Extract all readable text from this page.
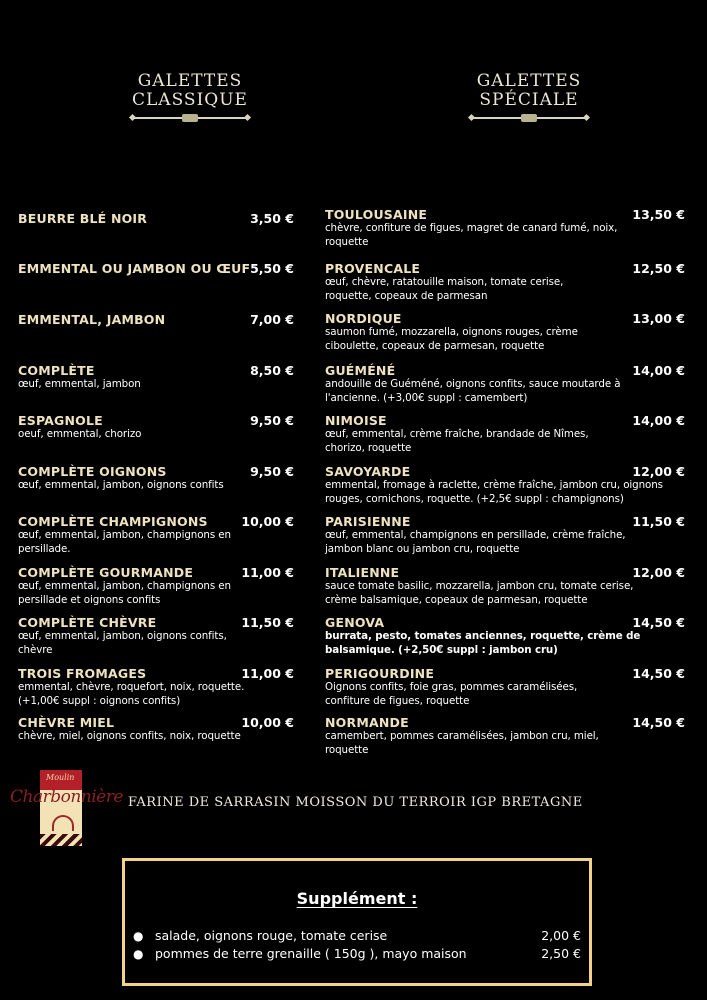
GALETTES
CLASSIQUE
GALETTES
SPÉCIALE
BEURRE BLÉ NOIR	3,50 €
EMMENTAL OU JAMBON OU ŒUF 5,50 €
EMMENTAL, JAMBON	7,00 €
COMPLÈTE	8,50 €
œuf, emmental, jambon
ESPAGNOLE	9,50 €
oeuf, emmental, chorizo
COMPLÈTE OIGNONS	9,50 €
œuf, emmental, jambon, oignons confits
COMPLÈTE CHAMPIGNONS	10,00 €
œuf, emmental, jambon, champignons en persillade.
COMPLÈTE GOURMANDE	11,00 €
œuf, emmental, jambon, champignons en persillade et oignons confits
COMPLÈTE CHÈVRE	11,50 €
œuf, emmental, jambon, oignons confits, chèvre
TROIS FROMAGES	11,00 €
emmental, chèvre, roquefort, noix, roquette. (+1,00€ suppl : oignons confits)
CHÈVRE MIEL	10,00 €
chèvre, miel, oignons confits, noix, roquette
TOULOUSAINE	13,50 €
chèvre, confiture de figues, magret de canard fumé, noix, roquette
PROVENCALE	12,50 €
œuf, chèvre, ratatouille maison, tomate cerise, roquette, copeaux de parmesan
NORDIQUE	13,00 €
saumon fumé, mozzarella, oignons rouges, crème ciboulette, copeaux de parmesan, roquette
GUÉMÉNÉ	14,00 €
andouille de Guéméné, oignons confits, sauce moutarde à l'ancienne. (+3,00€ suppl : camembert)
NIMOISE	14,00 €
œuf, emmental, crème fraîche, brandade de Nîmes, chorizo, roquette
SAVOYARDE	12,00 €
emmental, fromage à raclette, crème fraîche, jambon cru, oignons rouges, cornichons, roquette. (+2,5€ suppl : champignons)
PARISIENNE	11,50 €
œuf, emmental, champignons en persillade, crème fraîche, jambon blanc ou jambon cru, roquette
ITALIENNE	12,00 €
sauce tomate basilic, mozzarella, jambon cru, tomate cerise, crème balsamique, copeaux de parmesan, roquette
GENOVA	14,50 €
burrata, pesto, tomates anciennes, roquette, crème de balsamique. (+2,50€ suppl : jambon cru)
PERIGOURDINE	14,50 €
Oignons confits, foie gras, pommes caramélisées, confiture de figues, roquette
NORMANDE	14,50 €
camembert, pommes caramélisées, jambon cru, miel, roquette
Moulin
Charbonnière FARINE DE SARRASIN MOISSON DU TERROIR IGP BRETAGNE
Supplément :
● salade, oignons rouge, tomate cerise	2,00 €
● pommes de terre grenaille ( 150g ), mayo maison	2,50 €
